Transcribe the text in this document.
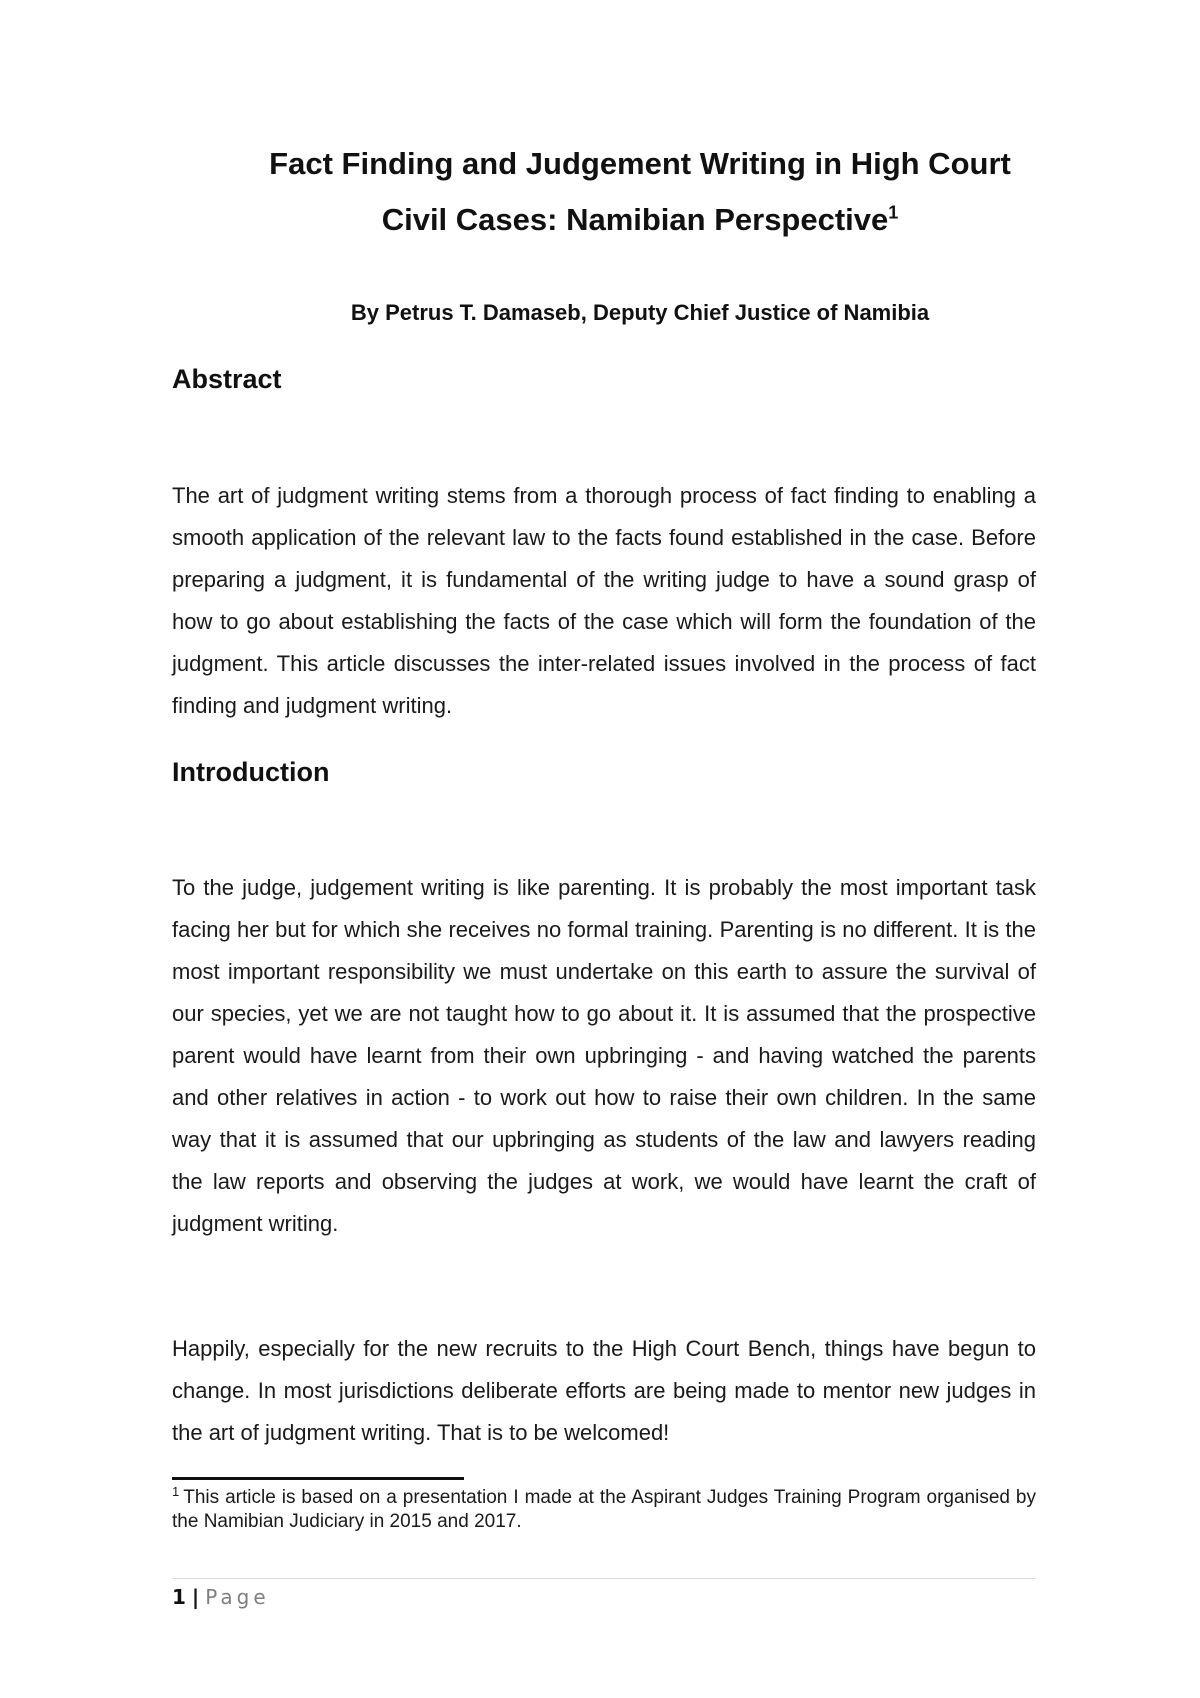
Fact Finding and Judgement Writing in High Court
Civil Cases: Namibian Perspective$^1$

By Petrus T. Damaseb, Deputy Chief Justice of Namibia

Abstract

The art of judgment writing stems from a thorough process of fact finding to enabling a smooth application of the relevant law to the facts found established in the case. Before preparing a judgment, it is fundamental of the writing judge to have a sound grasp of how to go about establishing the facts of the case which will form the foundation of the judgment. This article discusses the inter-related issues involved in the process of fact finding and judgment writing.

Introduction

To the judge, judgement writing is like parenting. It is probably the most important task facing her but for which she receives no formal training. Parenting is no different. It is the most important responsibility we must undertake on this earth to assure the survival of our species, yet we are not taught how to go about it. It is assumed that the prospective parent would have learnt from their own upbringing - and having watched the parents and other relatives in action - to work out how to raise their own children. In the same way that it is assumed that our upbringing as students of the law and lawyers reading the law reports and observing the judges at work, we would have learnt the craft of judgment writing.

Happily, especially for the new recruits to the High Court Bench, things have begun to change. In most jurisdictions deliberate efforts are being made to mentor new judges in the art of judgment writing. That is to be welcomed!

$^1$ This article is based on a presentation I made at the Aspirant Judges Training Program organised by the Namibian Judiciary in 2015 and 2017.

1 | Page
